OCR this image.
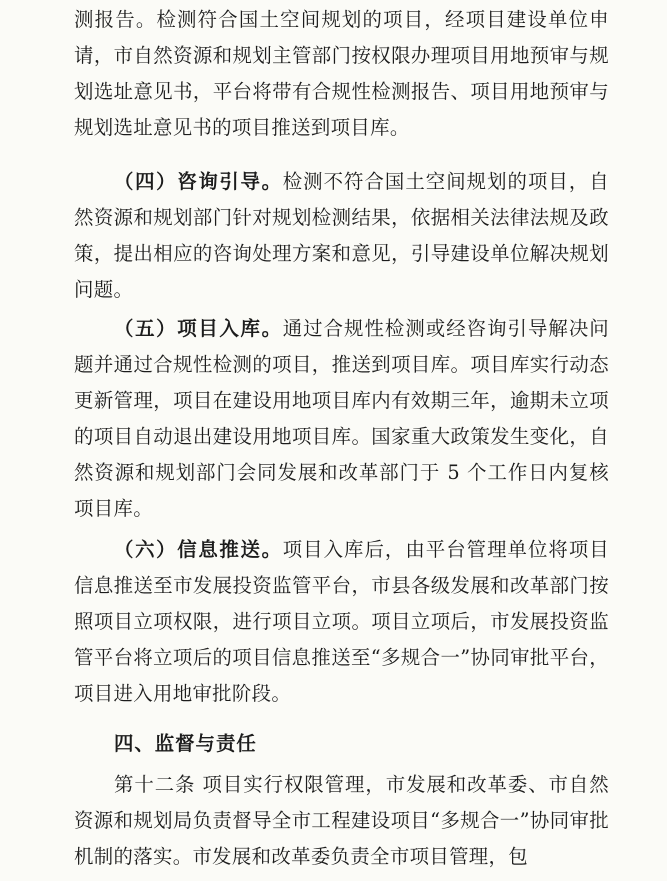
测报告。检测符合国土空间规划的项目，经项目建设单位申请，市自然资源和规划主管部门按权限办理项目用地预审与规划选址意见书，平台将带有合规性检测报告、项目用地预审与规划选址意见书的项目推送到项目库。

（四）咨询引导。检测不符合国土空间规划的项目，自然资源和规划部门针对规划检测结果，依据相关法律法规及政策，提出相应的咨询处理方案和意见，引导建设单位解决规划问题。

（五）项目入库。通过合规性检测或经咨询引导解决问题并通过合规性检测的项目，推送到项目库。项目库实行动态更新管理，项目在建设用地项目库内有效期三年，逾期未立项的项目自动退出建设用地项目库。国家重大政策发生变化，自然资源和规划部门会同发展和改革部门于 5 个工作日内复核项目库。

（六）信息推送。项目入库后，由平台管理单位将项目信息推送至市发展投资监管平台，市县各级发展和改革部门按照项目立项权限，进行项目立项。项目立项后，市发展投资监管平台将立项后的项目信息推送至“多规合一”协同审批平台，项目进入用地审批阶段。

四、监督与责任

第十二条 项目实行权限管理，市发展和改革委、市自然资源和规划局负责督导全市工程建设项目“多规合一”协同审批机制的落实。市发展和改革委负责全市项目管理，包
